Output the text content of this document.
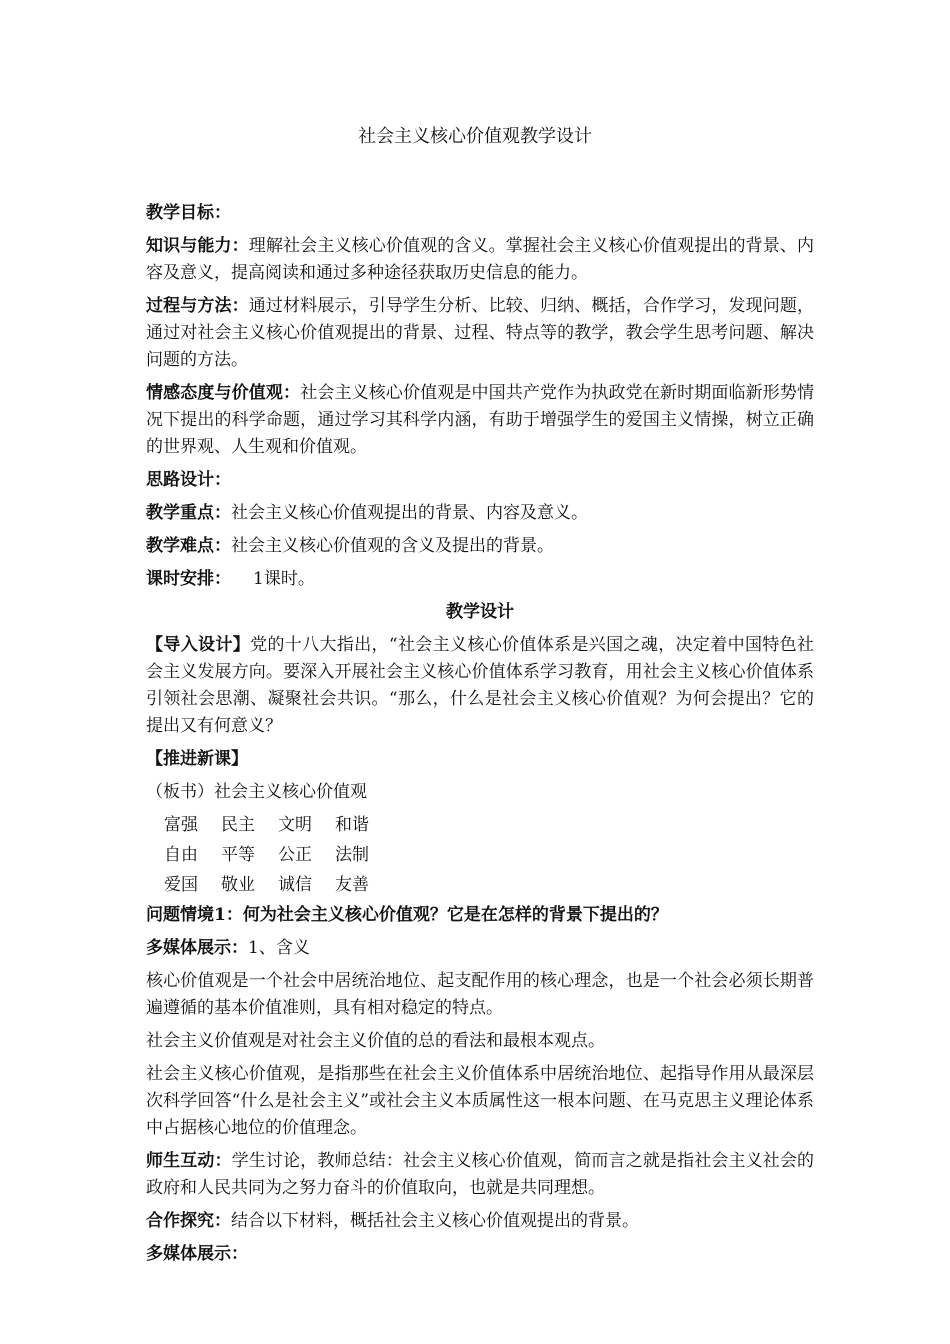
社会主义核心价值观教学设计

教学目标：

知识与能力：理解社会主义核心价值观的含义。掌握社会主义核心价值观提出的背景、内容及意义，提高阅读和通过多种途径获取历史信息的能力。

过程与方法：通过材料展示，引导学生分析、比较、归纳、概括，合作学习，发现问题，通过对社会主义核心价值观提出的背景、过程、特点等的教学，教会学生思考问题、解决问题的方法。

情感态度与价值观：社会主义核心价值观是中国共产党作为执政党在新时期面临新形势情况下提出的科学命题，通过学习其科学内涵，有助于增强学生的爱国主义情操，树立正确的世界观、人生观和价值观。

思路设计：

教学重点：社会主义核心价值观提出的背景、内容及意义。

教学难点：社会主义核心价值观的含义及提出的背景。

课时安排： 1课时。

教学设计

【导入设计】党的十八大指出，“社会主义核心价值体系是兴国之魂，决定着中国特色社会主义发展方向。要深入开展社会主义核心价值体系学习教育，用社会主义核心价值体系引领社会思潮、凝聚社会共识。“那么，什么是社会主义核心价值观？为何会提出？它的提出又有何意义？

【推进新课】

（板书）社会主义核心价值观

富强 民主 文明 和谐
自由 平等 公正 法制
爱国 敬业 诚信 友善

问题情境1：何为社会主义核心价值观？它是在怎样的背景下提出的？

多媒体展示：1、含义

核心价值观是一个社会中居统治地位、起支配作用的核心理念，也是一个社会必须长期普遍遵循的基本价值准则，具有相对稳定的特点。

社会主义价值观是对社会主义价值的总的看法和最根本观点。

社会主义核心价值观，是指那些在社会主义价值体系中居统治地位、起指导作用从最深层次科学回答“什么是社会主义”或社会主义本质属性这一根本问题、在马克思主义理论体系中占据核心地位的价值理念。

师生互动：学生讨论，教师总结：社会主义核心价值观，简而言之就是指社会主义社会的政府和人民共同为之努力奋斗的价值取向，也就是共同理想。

合作探究：结合以下材料，概括社会主义核心价值观提出的背景。

多媒体展示：
